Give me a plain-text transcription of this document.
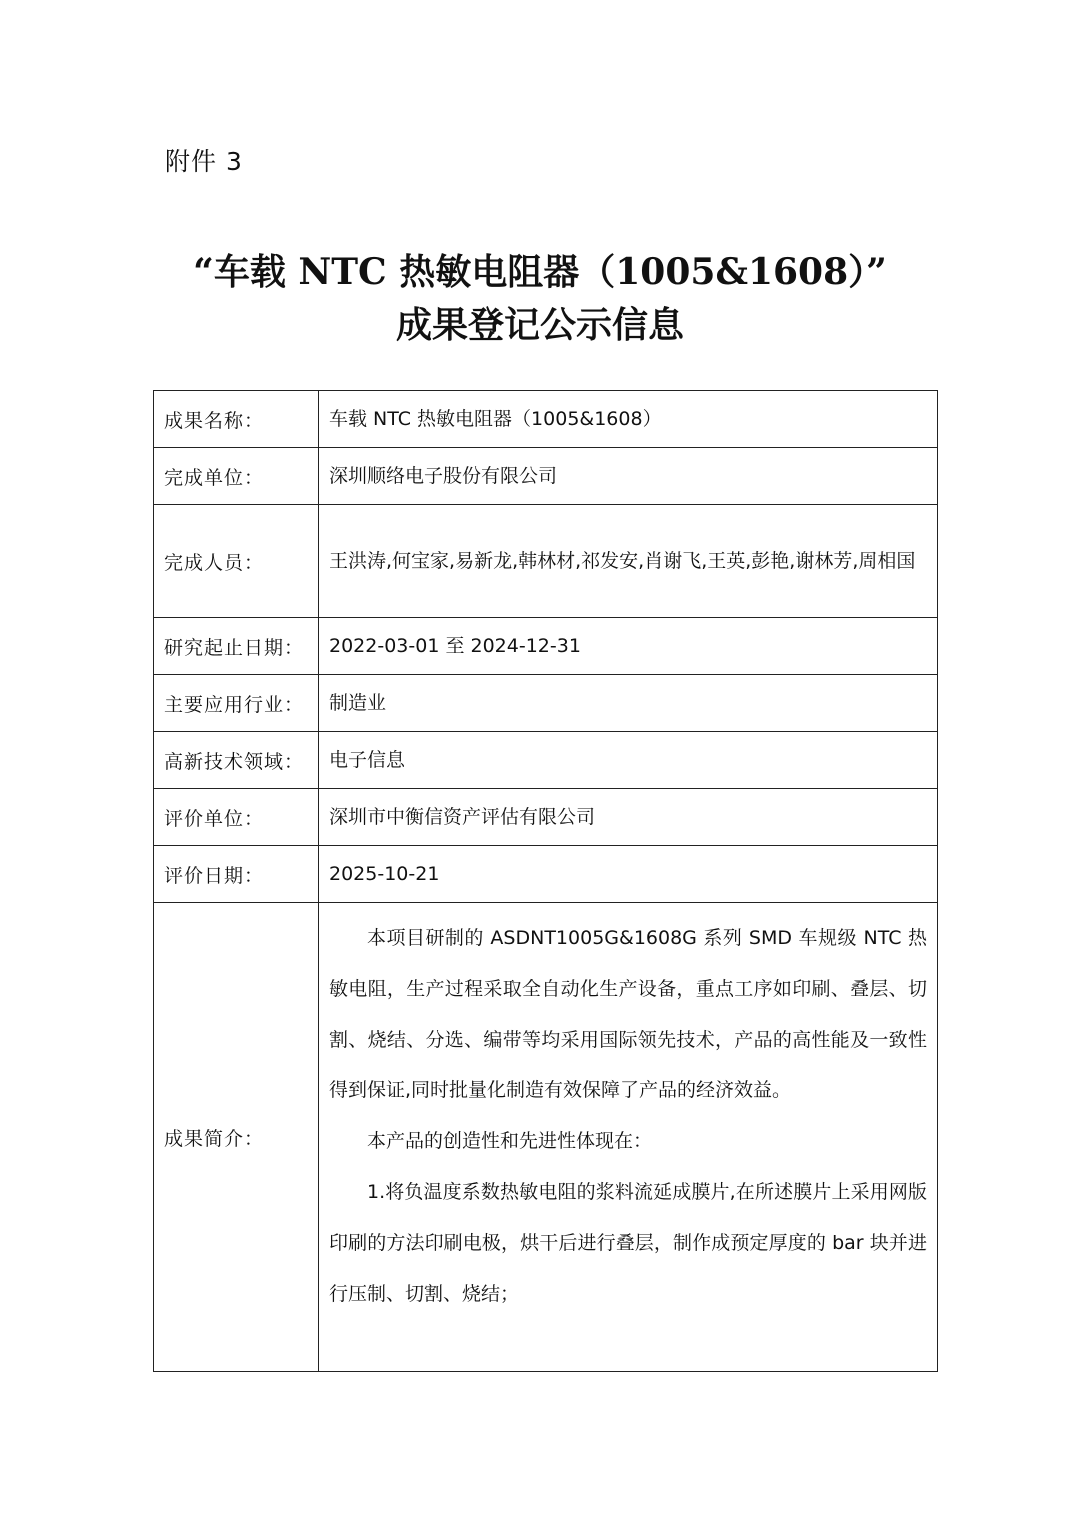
附件 3
“车载 NTC 热敏电阻器（1005&1608）”
成果登记公示信息
成果名称：	车载 NTC 热敏电阻器（1005&1608）
完成单位：	深圳顺络电子股份有限公司
完成人员：	王洪涛,何宝家,易新龙,韩林材,祁发安,肖谢飞,王英,彭艳,谢林芳,周相国
研究起止日期：	2022-03-01 至 2024-12-31
主要应用行业：	制造业
高新技术领域：	电子信息
评价单位：	深圳市中衡信资产评估有限公司
评价日期：	2025-10-21
成果简介：	本项目研制的 ASDNT1005G&1608G 系列 SMD 车规级 NTC 热敏电阻，生产过程采取全自动化生产设备，重点工序如印刷、叠层、切割、烧结、分选、编带等均采用国际领先技术，产品的高性能及一致性得到保证,同时批量化制造有效保障了产品的经济效益。

本产品的创造性和先进性体现在：

1.将负温度系数热敏电阻的浆料流延成膜片,在所述膜片上采用网版印刷的方法印刷电极，烘干后进行叠层，制作成预定厚度的 bar 块并进行压制、切割、烧结；
